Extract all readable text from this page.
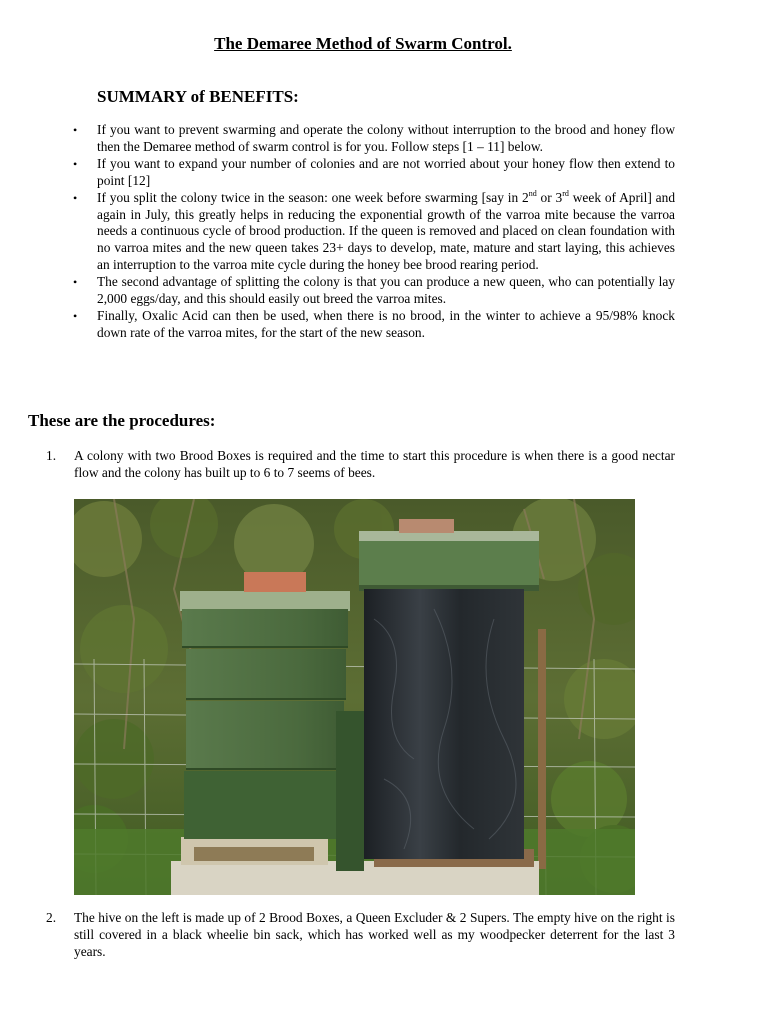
The Demaree Method of Swarm Control.
SUMMARY of BENEFITS:
• If you want to prevent swarming and operate the colony without interruption to the brood and honey flow then the Demaree method of swarm control is for you. Follow steps [1 – 11] below.
• If you want to expand your number of colonies and are not worried about your honey flow then extend to point [12]
• If you split the colony twice in the season: one week before swarming [say in 2nd or 3rd week of April] and again in July, this greatly helps in reducing the exponential growth of the varroa mite because the varroa needs a continuous cycle of brood production. If the queen is removed and placed on clean foundation with no varroa mites and the new queen takes 23+ days to develop, mate, mature and start laying, this achieves an interruption to the varroa mite cycle during the honey bee brood rearing period.
• The second advantage of splitting the colony is that you can produce a new queen, who can potentially lay 2,000 eggs/day, and this should easily out breed the varroa mites.
• Finally, Oxalic Acid can then be used, when there is no brood, in the winter to achieve a 95/98% knock down rate of the varroa mites, for the start of the new season.
These are the procedures:
1. A colony with two Brood Boxes is required and the time to start this procedure is when there is a good nectar flow and the colony has built up to 6 to 7 seems of bees.
2. The hive on the left is made up of 2 Brood Boxes, a Queen Excluder & 2 Supers. The empty hive on the right is still covered in a black wheelie bin sack, which has worked well as my woodpecker deterrent for the last 3 years.
